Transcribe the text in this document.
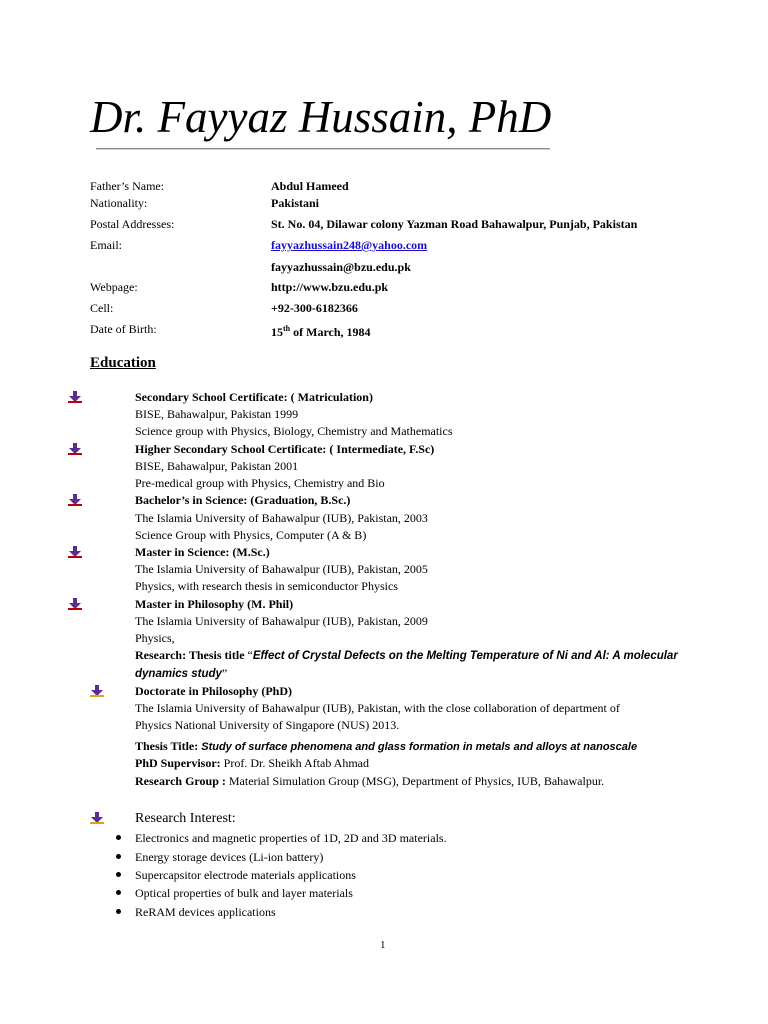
Dr. Fayyaz Hussain, PhD
Father’s Name:	Abdul Hameed
Nationality:	Pakistani
Postal Addresses:	St. No. 04, Dilawar colony Yazman Road Bahawalpur, Punjab, Pakistan
Email:	fayyazhussain248@yahoo.com
fayyazhussain@bzu.edu.pk
Webpage:	http://www.bzu.edu.pk
Cell:	+92-300-6182366
Date of Birth:	15th of March, 1984
Education
Secondary School Certificate: ( Matriculation)
BISE, Bahawalpur, Pakistan 1999
Science group with Physics, Biology, Chemistry and Mathematics
Higher Secondary School Certificate: ( Intermediate, F.Sc)
BISE, Bahawalpur, Pakistan 2001
Pre-medical group with Physics, Chemistry and Bio
Bachelor’s in Science: (Graduation, B.Sc.)
The Islamia University of Bahawalpur (IUB), Pakistan, 2003
Science Group with Physics, Computer (A & B)
Master in Science: (M.Sc.)
The Islamia University of Bahawalpur (IUB), Pakistan, 2005
Physics, with research thesis in semiconductor Physics
Master in Philosophy (M. Phil)
The Islamia University of Bahawalpur (IUB), Pakistan, 2009
Physics,
Research: Thesis title “Effect of Crystal Defects on the Melting Temperature of Ni and Al: A molecular
dynamics study”
Doctorate in Philosophy (PhD)
The Islamia University of Bahawalpur (IUB), Pakistan, with the close collaboration of department of
Physics National University of Singapore (NUS) 2013.
Thesis Title: Study of surface phenomena and glass formation in metals and alloys at nanoscale
PhD Supervisor: Prof. Dr. Sheikh Aftab Ahmad
Research Group : Material Simulation Group (MSG), Department of Physics, IUB, Bahawalpur.
Research Interest:
Electronics and magnetic properties of 1D, 2D and 3D materials.
Energy storage devices (Li-ion battery)
Supercapsitor electrode materials applications
Optical properties of bulk and layer materials
ReRAM devices applications
1
